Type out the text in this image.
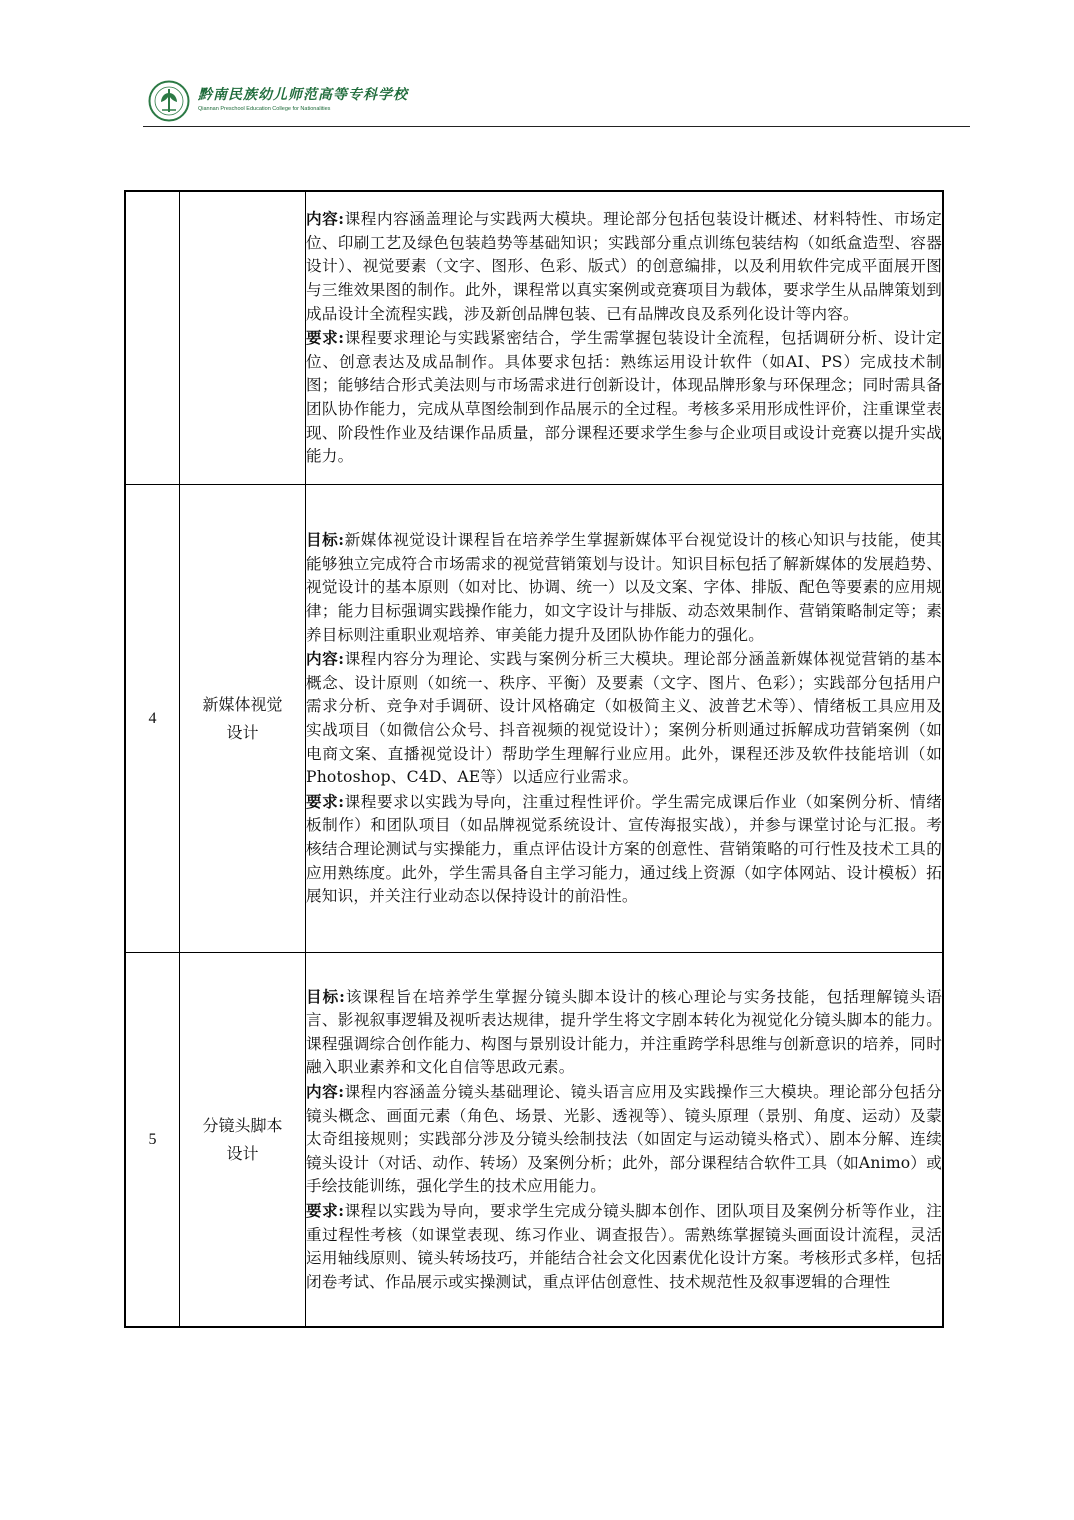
黔南民族幼儿师范高等专科学校
Qiannan Preschool Education College for Nationalities

		内容:课程内容涵盖理论与实践两大模块。理论部分包括包装设计概述、材料特性、市场定位、印刷工艺及绿色包装趋势等基础知识；实践部分重点训练包装结构（如纸盒造型、容器设计）、视觉要素（文字、图形、色彩、版式）的创意编排，以及利用软件完成平面展开图与三维效果图的制作。此外，课程常以真实案例或竞赛项目为载体，要求学生从品牌策划到成品设计全流程实践，涉及新创品牌包装、已有品牌改良及系列化设计等内容。
要求:课程要求理论与实践紧密结合，学生需掌握包装设计全流程，包括调研分析、设计定位、创意表达及成品制作。具体要求包括：熟练运用设计软件（如AI、PS）完成技术制图；能够结合形式美法则与市场需求进行创新设计，体现品牌形象与环保理念；同时需具备团队协作能力，完成从草图绘制到作品展示的全过程。考核多采用形成性评价，注重课堂表现、阶段性作业及结课作品质量，部分课程还要求学生参与企业项目或设计竞赛以提升实战能力。

4	新媒体视觉设计	目标:新媒体视觉设计课程旨在培养学生掌握新媒体平台视觉设计的核心知识与技能，使其能够独立完成符合市场需求的视觉营销策划与设计。知识目标包括了解新媒体的发展趋势、视觉设计的基本原则（如对比、协调、统一）以及文案、字体、排版、配色等要素的应用规律；能力目标强调实践操作能力，如文字设计与排版、动态效果制作、营销策略制定等；素养目标则注重职业观培养、审美能力提升及团队协作能力的强化。
内容:课程内容分为理论、实践与案例分析三大模块。理论部分涵盖新媒体视觉营销的基本概念、设计原则（如统一、秩序、平衡）及要素（文字、图片、色彩）；实践部分包括用户需求分析、竞争对手调研、设计风格确定（如极简主义、波普艺术等）、情绪板工具应用及实战项目（如微信公众号、抖音视频的视觉设计）；案例分析则通过拆解成功营销案例（如电商文案、直播视觉设计）帮助学生理解行业应用。此外，课程还涉及软件技能培训（如Photoshop、C4D、AE等）以适应行业需求。
要求:课程要求以实践为导向，注重过程性评价。学生需完成课后作业（如案例分析、情绪板制作）和团队项目（如品牌视觉系统设计、宣传海报实战），并参与课堂讨论与汇报。考核结合理论测试与实操能力，重点评估设计方案的创意性、营销策略的可行性及技术工具的应用熟练度。此外，学生需具备自主学习能力，通过线上资源（如字体网站、设计模板）拓展知识，并关注行业动态以保持设计的前沿性。

5	分镜头脚本设计	目标:该课程旨在培养学生掌握分镜头脚本设计的核心理论与实务技能，包括理解镜头语言、影视叙事逻辑及视听表达规律，提升学生将文字剧本转化为视觉化分镜头脚本的能力。课程强调综合创作能力、构图与景别设计能力，并注重跨学科思维与创新意识的培养，同时融入职业素养和文化自信等思政元素。
内容:课程内容涵盖分镜头基础理论、镜头语言应用及实践操作三大模块。理论部分包括分镜头概念、画面元素（角色、场景、光影、透视等）、镜头原理（景别、角度、运动）及蒙太奇组接规则；实践部分涉及分镜头绘制技法（如固定与运动镜头格式）、剧本分解、连续镜头设计（对话、动作、转场）及案例分析；此外，部分课程结合软件工具（如Animo）或手绘技能训练，强化学生的技术应用能力。
要求:课程以实践为导向，要求学生完成分镜头脚本创作、团队项目及案例分析等作业，注重过程性考核（如课堂表现、练习作业、调查报告）。需熟练掌握镜头画面设计流程，灵活运用轴线原则、镜头转场技巧，并能结合社会文化因素优化设计方案。考核形式多样，包括闭卷考试、作品展示或实操测试，重点评估创意性、技术规范性及叙事逻辑的合理性
